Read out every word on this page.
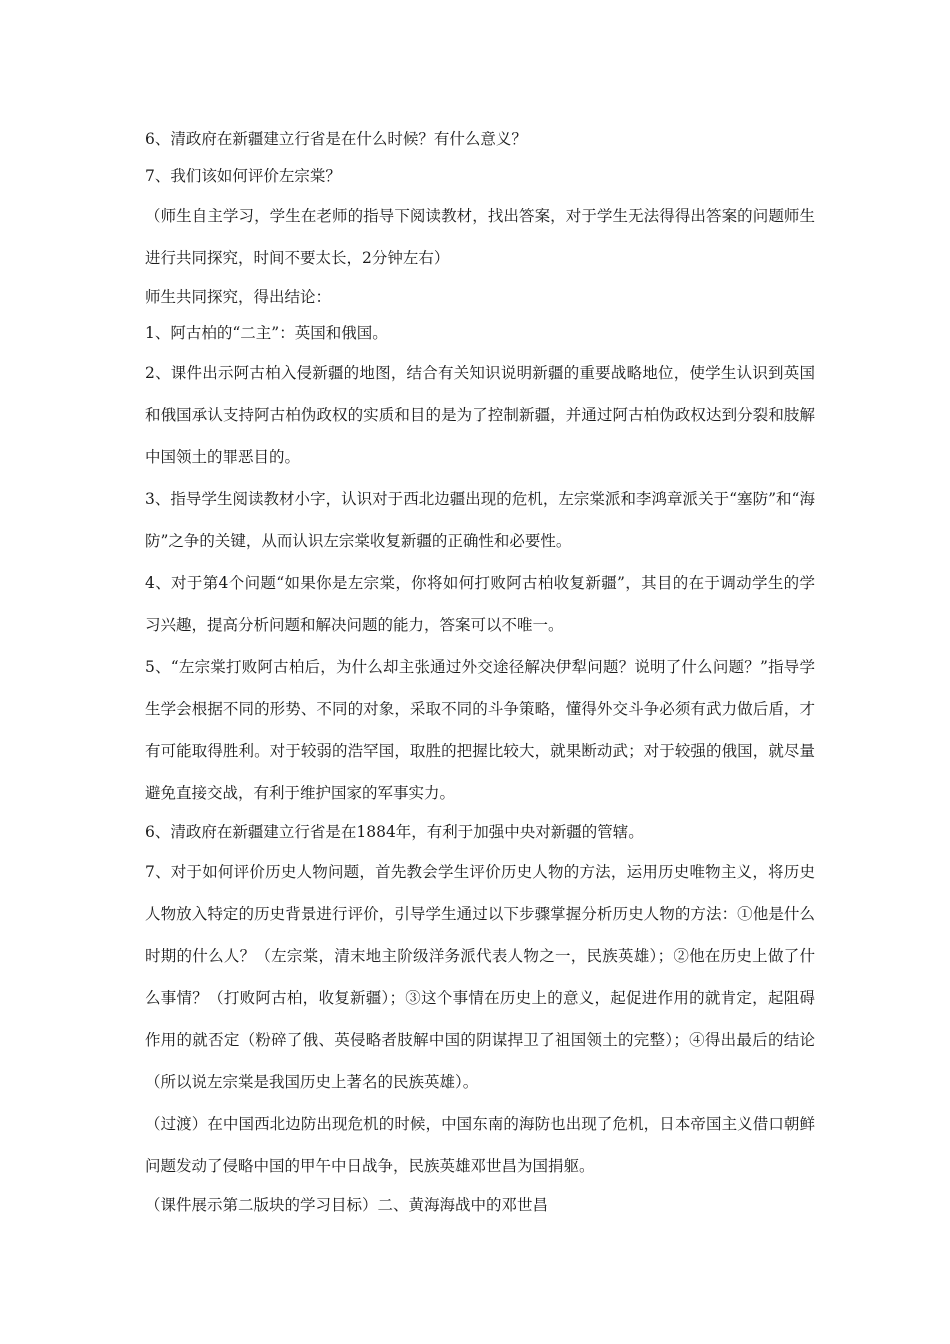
6、清政府在新疆建立行省是在什么时候？有什么意义？

7、我们该如何评价左宗棠？

（师生自主学习，学生在老师的指导下阅读教材，找出答案，对于学生无法得得出答案的问题师生进行共同探究，时间不要太长，2分钟左右）

师生共同探究，得出结论：

1、阿古柏的“二主”：英国和俄国。

2、课件出示阿古柏入侵新疆的地图，结合有关知识说明新疆的重要战略地位，使学生认识到英国和俄国承认支持阿古柏伪政权的实质和目的是为了控制新疆，并通过阿古柏伪政权达到分裂和肢解中国领土的罪恶目的。

3、指导学生阅读教材小字，认识对于西北边疆出现的危机，左宗棠派和李鸿章派关于“塞防”和“海防”之争的关键，从而认识左宗棠收复新疆的正确性和必要性。

4、对于第4个问题“如果你是左宗棠，你将如何打败阿古柏收复新疆”，其目的在于调动学生的学习兴趣，提高分析问题和解决问题的能力，答案可以不唯一。

5、“左宗棠打败阿古柏后，为什么却主张通过外交途径解决伊犁问题？说明了什么问题？”指导学生学会根据不同的形势、不同的对象，采取不同的斗争策略，懂得外交斗争必须有武力做后盾，才有可能取得胜利。对于较弱的浩罕国，取胜的把握比较大，就果断动武；对于较强的俄国，就尽量避免直接交战，有利于维护国家的军事实力。

6、清政府在新疆建立行省是在1884年，有利于加强中央对新疆的管辖。

7、对于如何评价历史人物问题，首先教会学生评价历史人物的方法，运用历史唯物主义，将历史人物放入特定的历史背景进行评价，引导学生通过以下步骤掌握分析历史人物的方法：①他是什么时期的什么人？（左宗棠，清末地主阶级洋务派代表人物之一，民族英雄）；②他在历史上做了什么事情？（打败阿古柏，收复新疆）；③这个事情在历史上的意义，起促进作用的就肯定，起阻碍作用的就否定（粉碎了俄、英侵略者肢解中国的阴谋捍卫了祖国领土的完整）；④得出最后的结论（所以说左宗棠是我国历史上著名的民族英雄）。

（过渡）在中国西北边防出现危机的时候，中国东南的海防也出现了危机，日本帝国主义借口朝鲜问题发动了侵略中国的甲午中日战争，民族英雄邓世昌为国捐躯。

（课件展示第二版块的学习目标）二、黄海海战中的邓世昌
